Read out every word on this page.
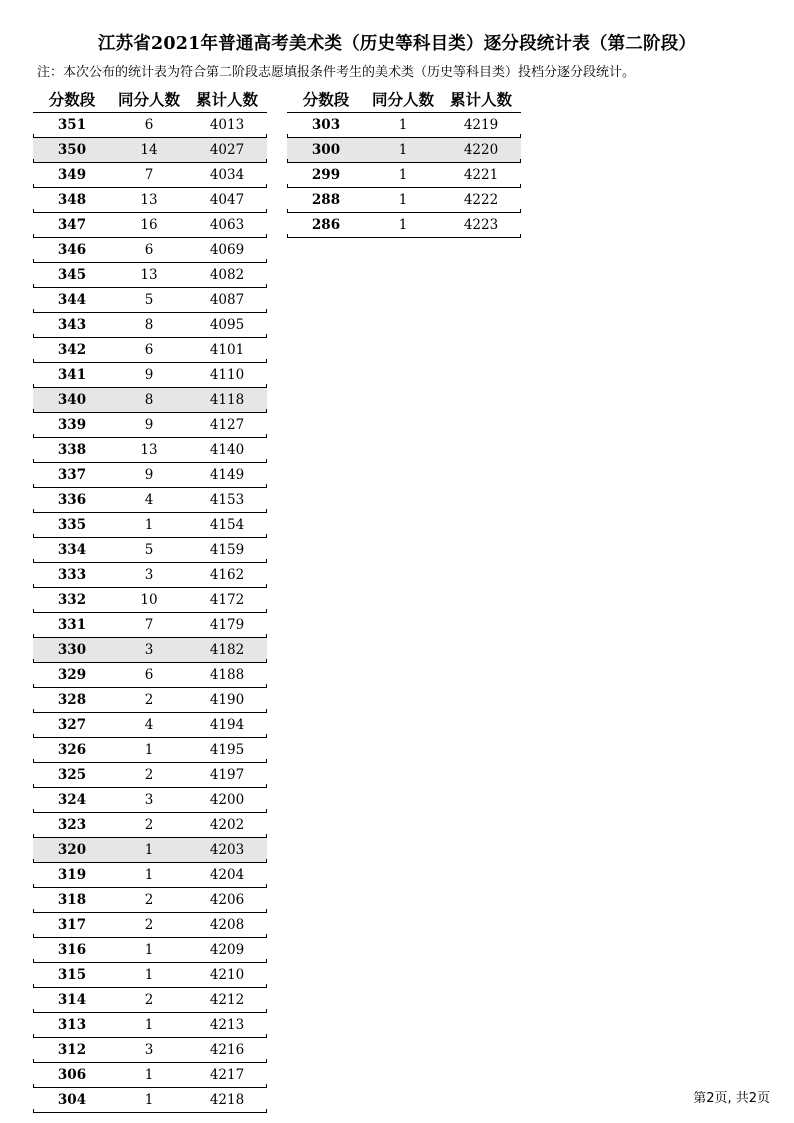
江苏省2021年普通高考美术类（历史等科目类）逐分段统计表（第二阶段）
注：本次公布的统计表为符合第二阶段志愿填报条件考生的美术类（历史等科目类）投档分逐分段统计。
分数段	同分人数	累计人数
351	6	4013
350	14	4027
349	7	4034
348	13	4047
347	16	4063
346	6	4069
345	13	4082
344	5	4087
343	8	4095
342	6	4101
341	9	4110
340	8	4118
339	9	4127
338	13	4140
337	9	4149
336	4	4153
335	1	4154
334	5	4159
333	3	4162
332	10	4172
331	7	4179
330	3	4182
329	6	4188
328	2	4190
327	4	4194
326	1	4195
325	2	4197
324	3	4200
323	2	4202
320	1	4203
319	1	4204
318	2	4206
317	2	4208
316	1	4209
315	1	4210
314	2	4212
313	1	4213
312	3	4216
306	1	4217
304	1	4218
分数段	同分人数	累计人数
303	1	4219
300	1	4220
299	1	4221
288	1	4222
286	1	4223
第2页, 共2页
